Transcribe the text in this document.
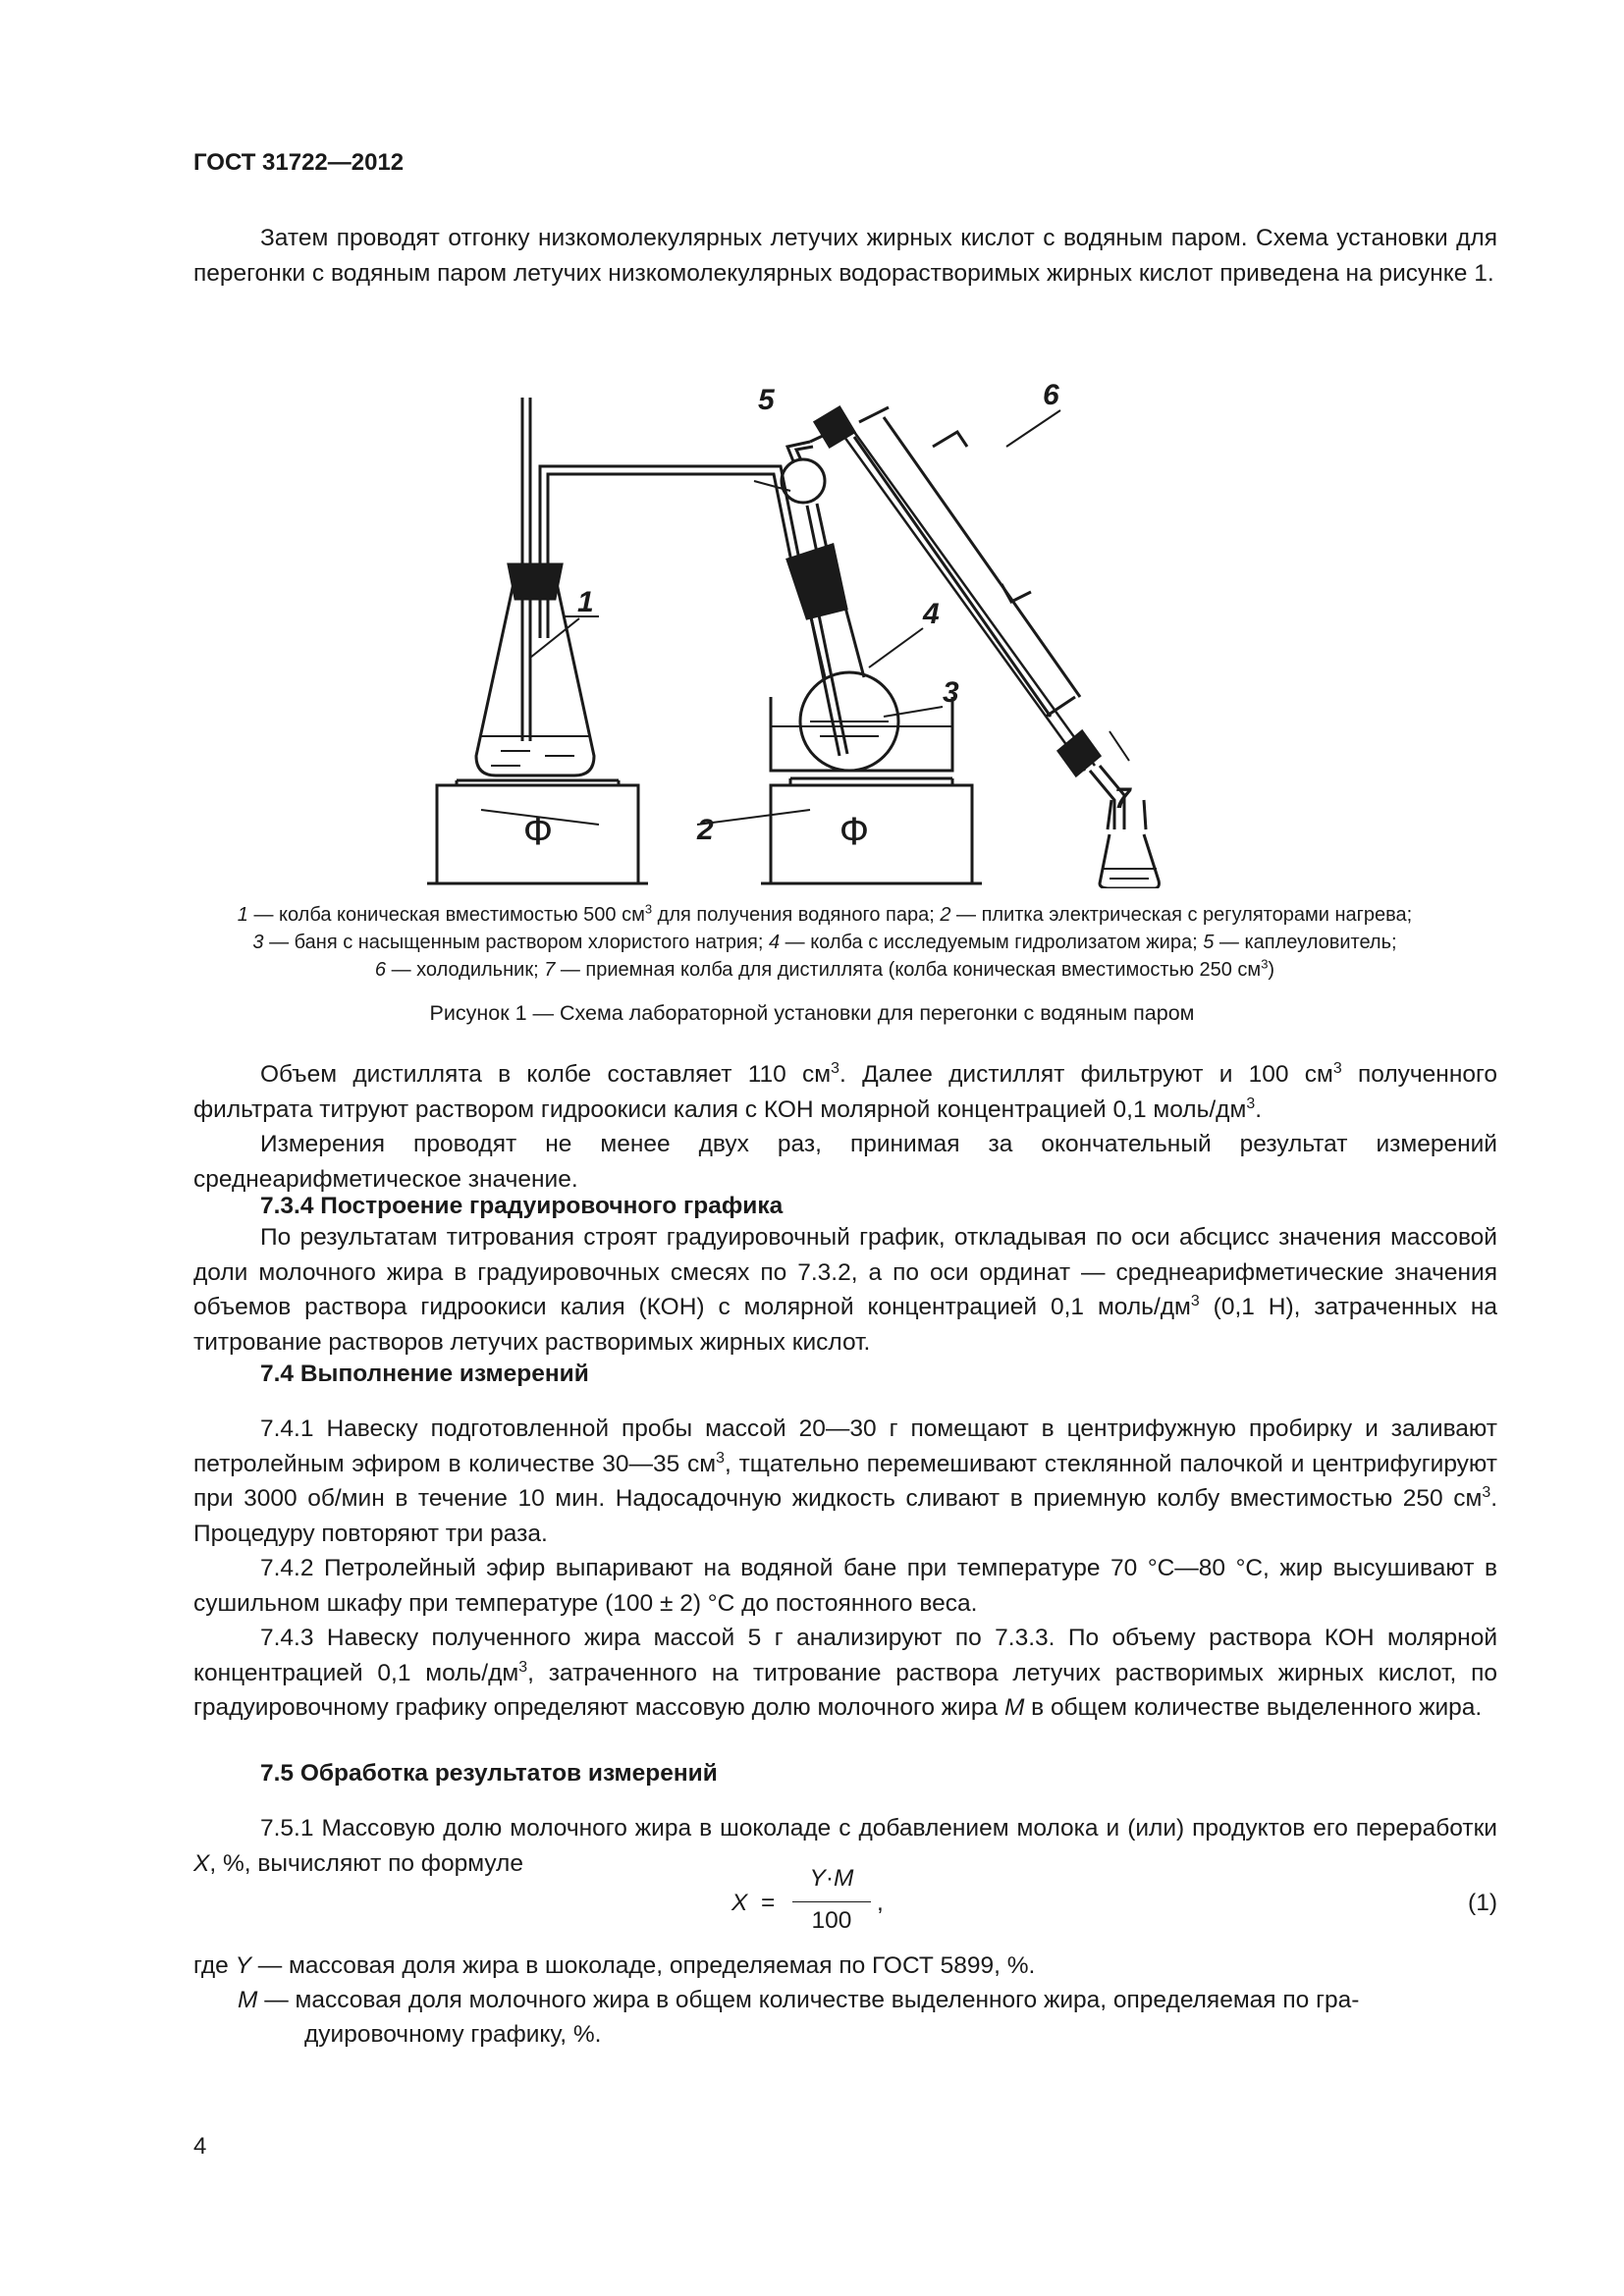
ГОСТ 31722—2012

Затем проводят отгонку низкомолекулярных летучих жирных кислот с водяным паром. Схема установки для перегонки с водяным паром летучих низкомолекулярных водорастворимых жирных кислот приведена на рисунке 1.

Ф	Ф
1
2
3
4
5	6
7

1 — колба коническая вместимостью 500 $см^3$ для получения водяного пара; 2 — плитка электрическая с регуляторами нагрева;
3 — баня с насыщенным раствором хлористого натрия; 4 — колба с исследуемым гидролизатом жира; 5 — каплеуловитель;
6 — холодильник; 7 — приемная колба для дистиллята (колба коническая вместимостью 250 $см^3$)

Рисунок 1 — Схема лабораторной установки для перегонки с водяным паром

Объем дистиллята в колбе составляет 110 $см^3$. Далее дистиллят фильтруют и 100 $см^3$ полученного фильтрата титруют раствором гидроокиси калия с КОН молярной концентрацией 0,1 моль/$дм^3$.

Измерения проводят не менее двух раз, принимая за окончательный результат измерений среднеарифметическое значение.

7.3.4 Построение градуировочного графика

По результатам титрования строят градуировочный график, откладывая по оси абсцисс значения массовой доли молочного жира в градуировочных смесях по 7.3.2, а по оси ординат — среднеарифметические значения объемов раствора гидроокиси калия (КОН) с молярной концентрацией 0,1 моль/$дм^3$ (0,1 Н), затраченных на титрование растворов летучих растворимых жирных кислот.

7.4 Выполнение измерений

7.4.1 Навеску подготовленной пробы массой 20—30 г помещают в центрифужную пробирку и заливают петролейным эфиром в количестве 30—35 $см^3$, тщательно перемешивают стеклянной палочкой и центрифугируют при 3000 об/мин в течение 10 мин. Надосадочную жидкость сливают в приемную колбу вместимостью 250 $см^3$. Процедуру повторяют три раза.

7.4.2 Петролейный эфир выпаривают на водяной бане при температуре 70 °С—80 °С, жир высушивают в сушильном шкафу при температуре (100 ± 2) °С до постоянного веса.

7.4.3 Навеску полученного жира массой 5 г анализируют по 7.3.3. По объему раствора КОН молярной концентрацией 0,1 моль/$дм^3$, затраченного на титрование раствора летучих растворимых жирных кислот, по градуировочному графику определяют массовую долю молочного жира М в общем количестве выделенного жира.

7.5 Обработка результатов измерений

7.5.1 Массовую долю молочного жира в шоколаде с добавлением молока и (или) продуктов его переработки X, %, вычисляют по формуле

X =
Y·M
100
,	(1)

где Y — массовая доля жира в шоколаде, определяемая по ГОСТ 5899, %.

М — массовая доля молочного жира в общем количестве выделенного жира, определяемая по гра-

дуировочному графику, %.

4
